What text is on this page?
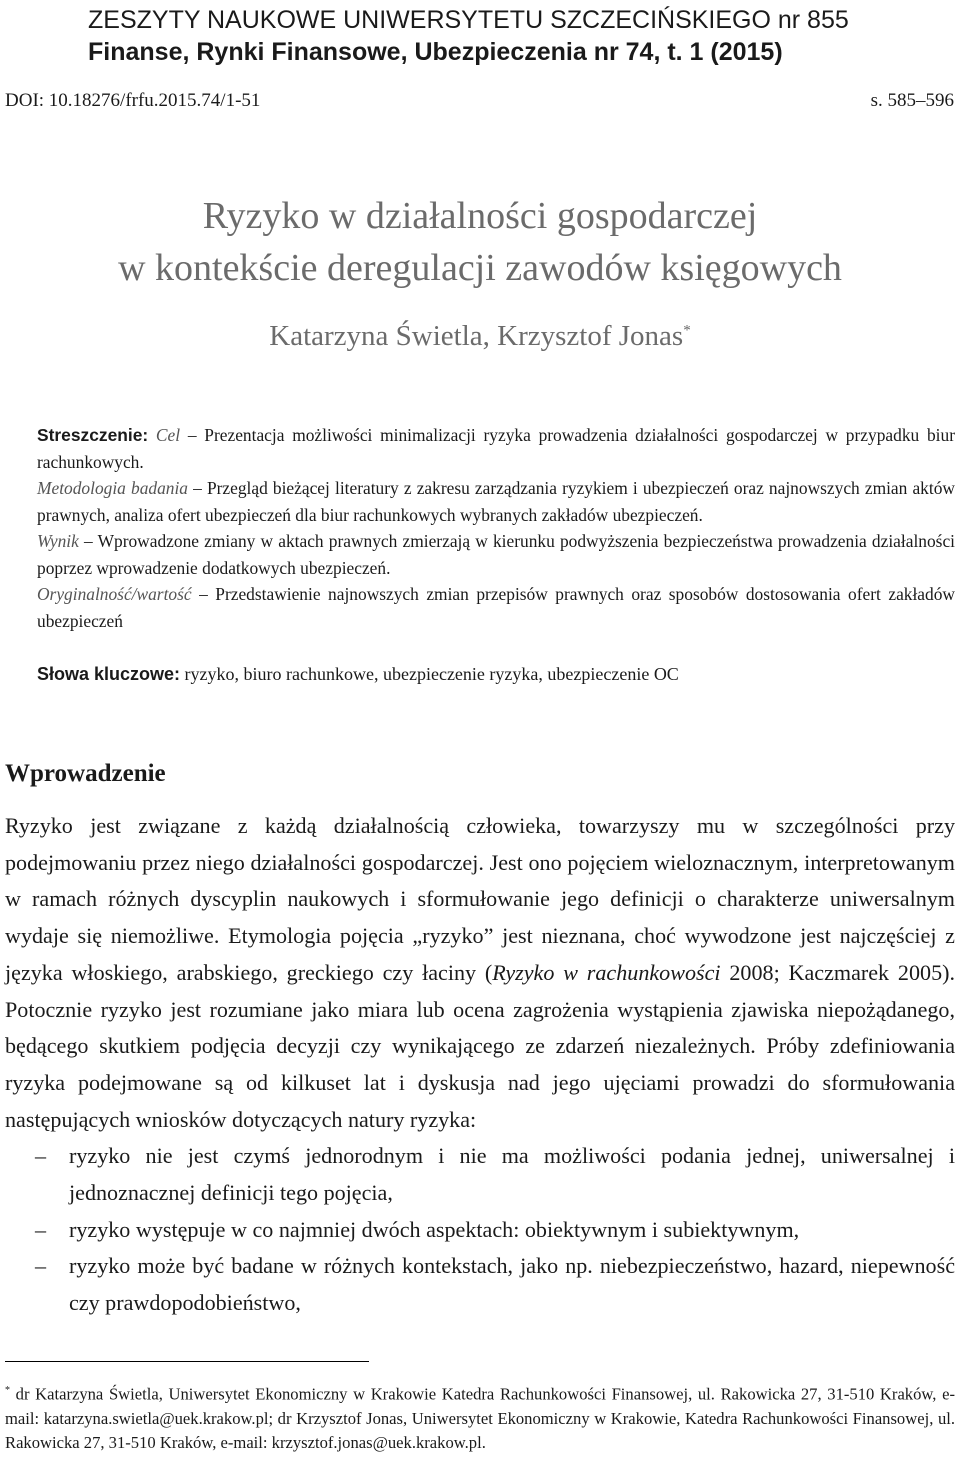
ZESZYTY NAUKOWE UNIWERSYTETU SZCZECIŃSKIEGO nr 855
Finanse, Rynki Finansowe, Ubezpieczenia nr 74, t. 1 (2015)
DOI: 10.18276/frfu.2015.74/1-51	s. 585–596
Ryzyko w działalności gospodarczej
w kontekście deregulacji zawodów księgowych
Katarzyna Świetla, Krzysztof Jonas*

Streszczenie: Cel – Prezentacja możliwości minimalizacji ryzyka prowadzenia działalności gospodarczej w przypadku biur rachunkowych.

Metodologia badania – Przegląd bieżącej literatury z zakresu zarządzania ryzykiem i ubezpieczeń oraz najnowszych zmian aktów prawnych, analiza ofert ubezpieczeń dla biur rachunkowych wybranych zakładów ubezpieczeń.

Wynik – Wprowadzone zmiany w aktach prawnych zmierzają w kierunku podwyższenia bezpieczeństwa prowadzenia działalności poprzez wprowadzenie dodatkowych ubezpieczeń.

Oryginalność/wartość – Przedstawienie najnowszych zmian przepisów prawnych oraz sposobów dostosowania ofert zakładów ubezpieczeń

Słowa kluczowe: ryzyko, biuro rachunkowe, ubezpieczenie ryzyka, ubezpieczenie OC
Wprowadzenie

Ryzyko jest związane z każdą działalnością człowieka, towarzyszy mu w szczególności przy podejmowaniu przez niego działalności gospodarczej. Jest ono pojęciem wieloznacznym, interpretowanym w ramach różnych dyscyplin naukowych i sformułowanie jego definicji o charakterze uniwersalnym wydaje się niemożliwe. Etymologia pojęcia „ryzyko” jest nieznana, choć wywodzone jest najczęściej z języka włoskiego, arabskiego, greckiego czy łaciny (Ryzyko w rachunkowości 2008; Kaczmarek 2005). Potocznie ryzyko jest rozumiane jako miara lub ocena zagrożenia wystąpienia zjawiska niepożądanego, będącego skutkiem podjęcia decyzji czy wynikającego ze zdarzeń niezależnych. Próby zdefiniowania ryzyka podejmowane są od kilkuset lat i dyskusja nad jego ujęciami prowadzi do sformułowania następujących wniosków dotyczących natury ryzyka:

– ryzyko nie jest czymś jednorodnym i nie ma możliwości podania jednej, uniwersalnej i jednoznacznej definicji tego pojęcia,
– ryzyko występuje w co najmniej dwóch aspektach: obiektywnym i subiektywnym,
– ryzyko może być badane w różnych kontekstach, jako np. niebezpieczeństwo, hazard, niepewność czy prawdopodobieństwo,
* dr Katarzyna Świetla, Uniwersytet Ekonomiczny w Krakowie Katedra Rachunkowości Finansowej, ul. Rakowicka 27, 31-510 Kraków, e-mail: katarzyna.swietla@uek.krakow.pl; dr Krzysztof Jonas, Uniwersytet Ekonomiczny w Krakowie, Katedra Rachunkowości Finansowej, ul. Rakowicka 27, 31-510 Kraków, e-mail: krzysztof.jonas@uek.krakow.pl.
